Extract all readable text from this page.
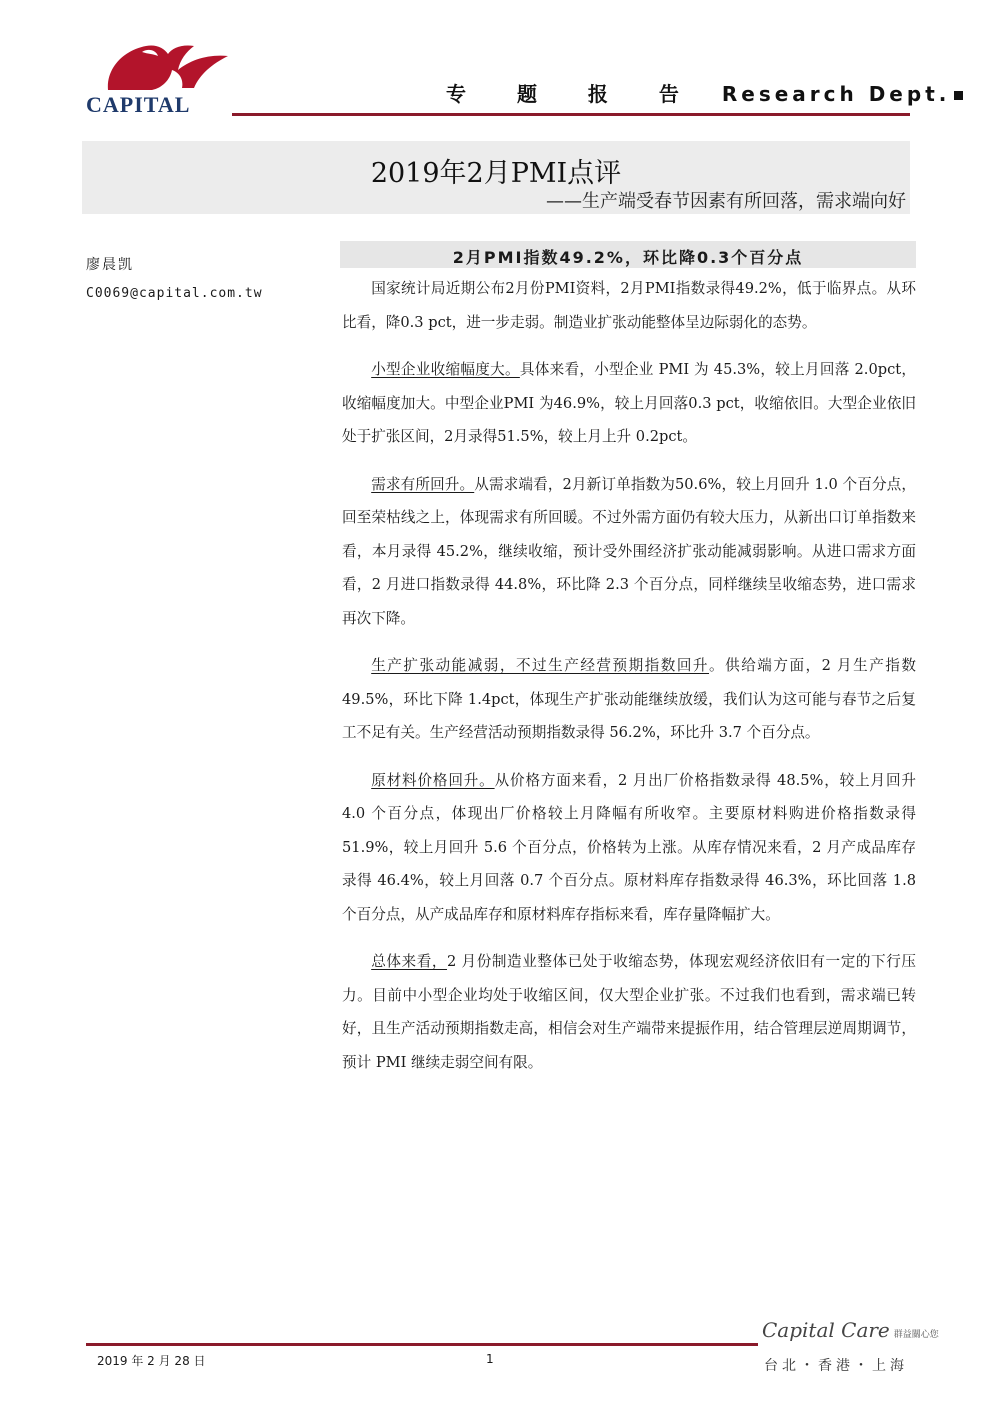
CAPITAL	专 题 报 告 Research Dept.
2019年2月PMI点评
——生产端受春节因素有所回落，需求端向好
廖晨凯
C0069@capital.com.tw
2月PMI指数49.2%，环比降0.3个百分点

国家统计局近期公布2月份PMI资料，2月PMI指数录得49.2%，低于临界点。从环比看，降0.3 pct，进一步走弱。制造业扩张动能整体呈边际弱化的态势。

小型企业收缩幅度大。具体来看，小型企业 PMI 为 45.3%，较上月回落 2.0pct，收缩幅度加大。中型企业PMI 为46.9%，较上月回落0.3 pct，收缩依旧。大型企业依旧处于扩张区间，2月录得51.5%，较上月上升 0.2pct。

需求有所回升。从需求端看，2月新订单指数为50.6%，较上月回升 1.0 个百分点，回至荣枯线之上，体现需求有所回暖。不过外需方面仍有较大压力，从新出口订单指数来看，本月录得 45.2%，继续收缩，预计受外围经济扩张动能减弱影响。从进口需求方面看，2 月进口指数录得 44.8%，环比降 2.3 个百分点，同样继续呈收缩态势，进口需求再次下降。

生产扩张动能减弱，不过生产经营预期指数回升。供给端方面，2 月生产指数 49.5%，环比下降 1.4pct，体现生产扩张动能继续放缓，我们认为这可能与春节之后复工不足有关。生产经营活动预期指数录得 56.2%，环比升 3.7 个百分点。

原材料价格回升。从价格方面来看，2 月出厂价格指数录得 48.5%，较上月回升 4.0 个百分点，体现出厂价格较上月降幅有所收窄。主要原材料购进价格指数录得 51.9%，较上月回升 5.6 个百分点，价格转为上涨。从库存情况来看，2 月产成品库存录得 46.4%，较上月回落 0.7 个百分点。原材料库存指数录得 46.3%，环比回落 1.8 个百分点，从产成品库存和原材料库存指标来看，库存量降幅扩大。

总体来看，2 月份制造业整体已处于收缩态势，体现宏观经济依旧有一定的下行压力。目前中小型企业均处于收缩区间，仅大型企业扩张。不过我们也看到，需求端已转好，且生产活动预期指数走高，相信会对生产端带来提振作用，结合管理层逆周期调节，预计 PMI 继续走弱空间有限。

2019 年 2 月 28 日	1
Capital Care 群益關心您
台北・香港・上海
